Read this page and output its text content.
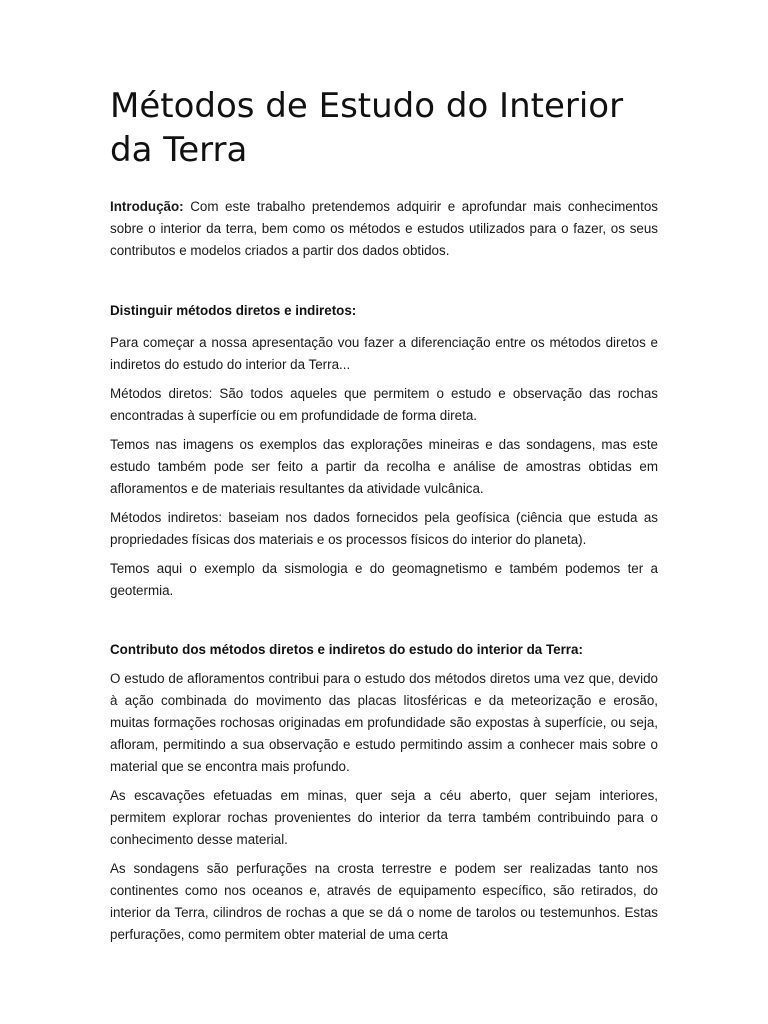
Métodos de Estudo do Interior da Terra

Introdução: Com este trabalho pretendemos adquirir e aprofundar mais conhecimentos sobre o interior da terra, bem como os métodos e estudos utilizados para o fazer, os seus contributos e modelos criados a partir dos dados obtidos.

Distinguir métodos diretos e indiretos:

Para começar a nossa apresentação vou fazer a diferenciação entre os métodos diretos e indiretos do estudo do interior da Terra...

Métodos diretos: São todos aqueles que permitem o estudo e observação das rochas encontradas à superfície ou em profundidade de forma direta.

Temos nas imagens os exemplos das explorações mineiras e das sondagens, mas este estudo também pode ser feito a partir da recolha e análise de amostras obtidas em afloramentos e de materiais resultantes da atividade vulcânica.

Métodos indiretos: baseiam nos dados fornecidos pela geofísica (ciência que estuda as propriedades físicas dos materiais e os processos físicos do interior do planeta).

Temos aqui o exemplo da sismologia e do geomagnetismo e também podemos ter a geotermia.

Contributo dos métodos diretos e indiretos do estudo do interior da Terra:

O estudo de afloramentos contribui para o estudo dos métodos diretos uma vez que, devido à ação combinada do movimento das placas litosféricas e da meteorização e erosão, muitas formações rochosas originadas em profundidade são expostas à superfície, ou seja, afloram, permitindo a sua observação e estudo permitindo assim a conhecer mais sobre o material que se encontra mais profundo.

As escavações efetuadas em minas, quer seja a céu aberto, quer sejam interiores, permitem explorar rochas provenientes do interior da terra também contribuindo para o conhecimento desse material.

As sondagens são perfurações na crosta terrestre e podem ser realizadas tanto nos continentes como nos oceanos e, através de equipamento específico, são retirados, do interior da Terra, cilindros de rochas a que se dá o nome de tarolos ou testemunhos. Estas perfurações, como permitem obter material de uma certa
